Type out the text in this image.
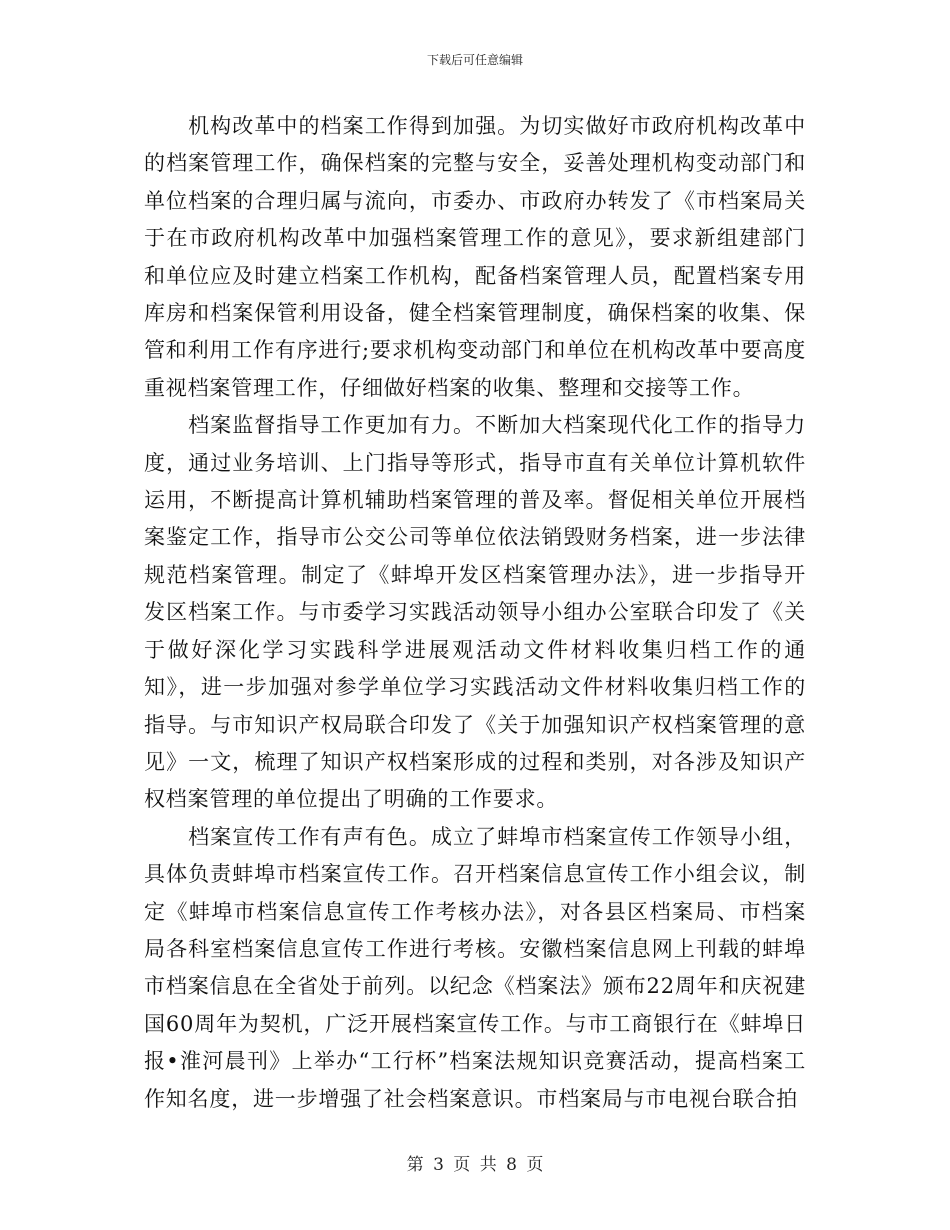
下载后可任意编辑

机构改革中的档案工作得到加强。为切实做好市政府机构改革中的档案管理工作，确保档案的完整与安全，妥善处理机构变动部门和单位档案的合理归属与流向，市委办、市政府办转发了《市档案局关于在市政府机构改革中加强档案管理工作的意见》，要求新组建部门和单位应及时建立档案工作机构，配备档案管理人员，配置档案专用库房和档案保管利用设备，健全档案管理制度，确保档案的收集、保管和利用工作有序进行;要求机构变动部门和单位在机构改革中要高度重视档案管理工作，仔细做好档案的收集、整理和交接等工作。

档案监督指导工作更加有力。不断加大档案现代化工作的指导力度，通过业务培训、上门指导等形式，指导市直有关单位计算机软件运用，不断提高计算机辅助档案管理的普及率。督促相关单位开展档案鉴定工作，指导市公交公司等单位依法销毁财务档案，进一步法律规范档案管理。制定了《蚌埠开发区档案管理办法》，进一步指导开发区档案工作。与市委学习实践活动领导小组办公室联合印发了《关于做好深化学习实践科学进展观活动文件材料收集归档工作的通知》，进一步加强对参学单位学习实践活动文件材料收集归档工作的指导。与市知识产权局联合印发了《关于加强知识产权档案管理的意见》一文，梳理了知识产权档案形成的过程和类别，对各涉及知识产权档案管理的单位提出了明确的工作要求。

档案宣传工作有声有色。成立了蚌埠市档案宣传工作领导小组，具体负责蚌埠市档案宣传工作。召开档案信息宣传工作小组会议，制定《蚌埠市档案信息宣传工作考核办法》，对各县区档案局、市档案局各科室档案信息宣传工作进行考核。安徽档案信息网上刊载的蚌埠市档案信息在全省处于前列。以纪念《档案法》颁布22周年和庆祝建国60周年为契机，广泛开展档案宣传工作。与市工商银行在《蚌埠日报•淮河晨刊》上举办“工行杯”档案法规知识竞赛活动，提高档案工作知名度，进一步增强了社会档案意识。市档案局与市电视台联合拍

第 3 页 共 8 页
